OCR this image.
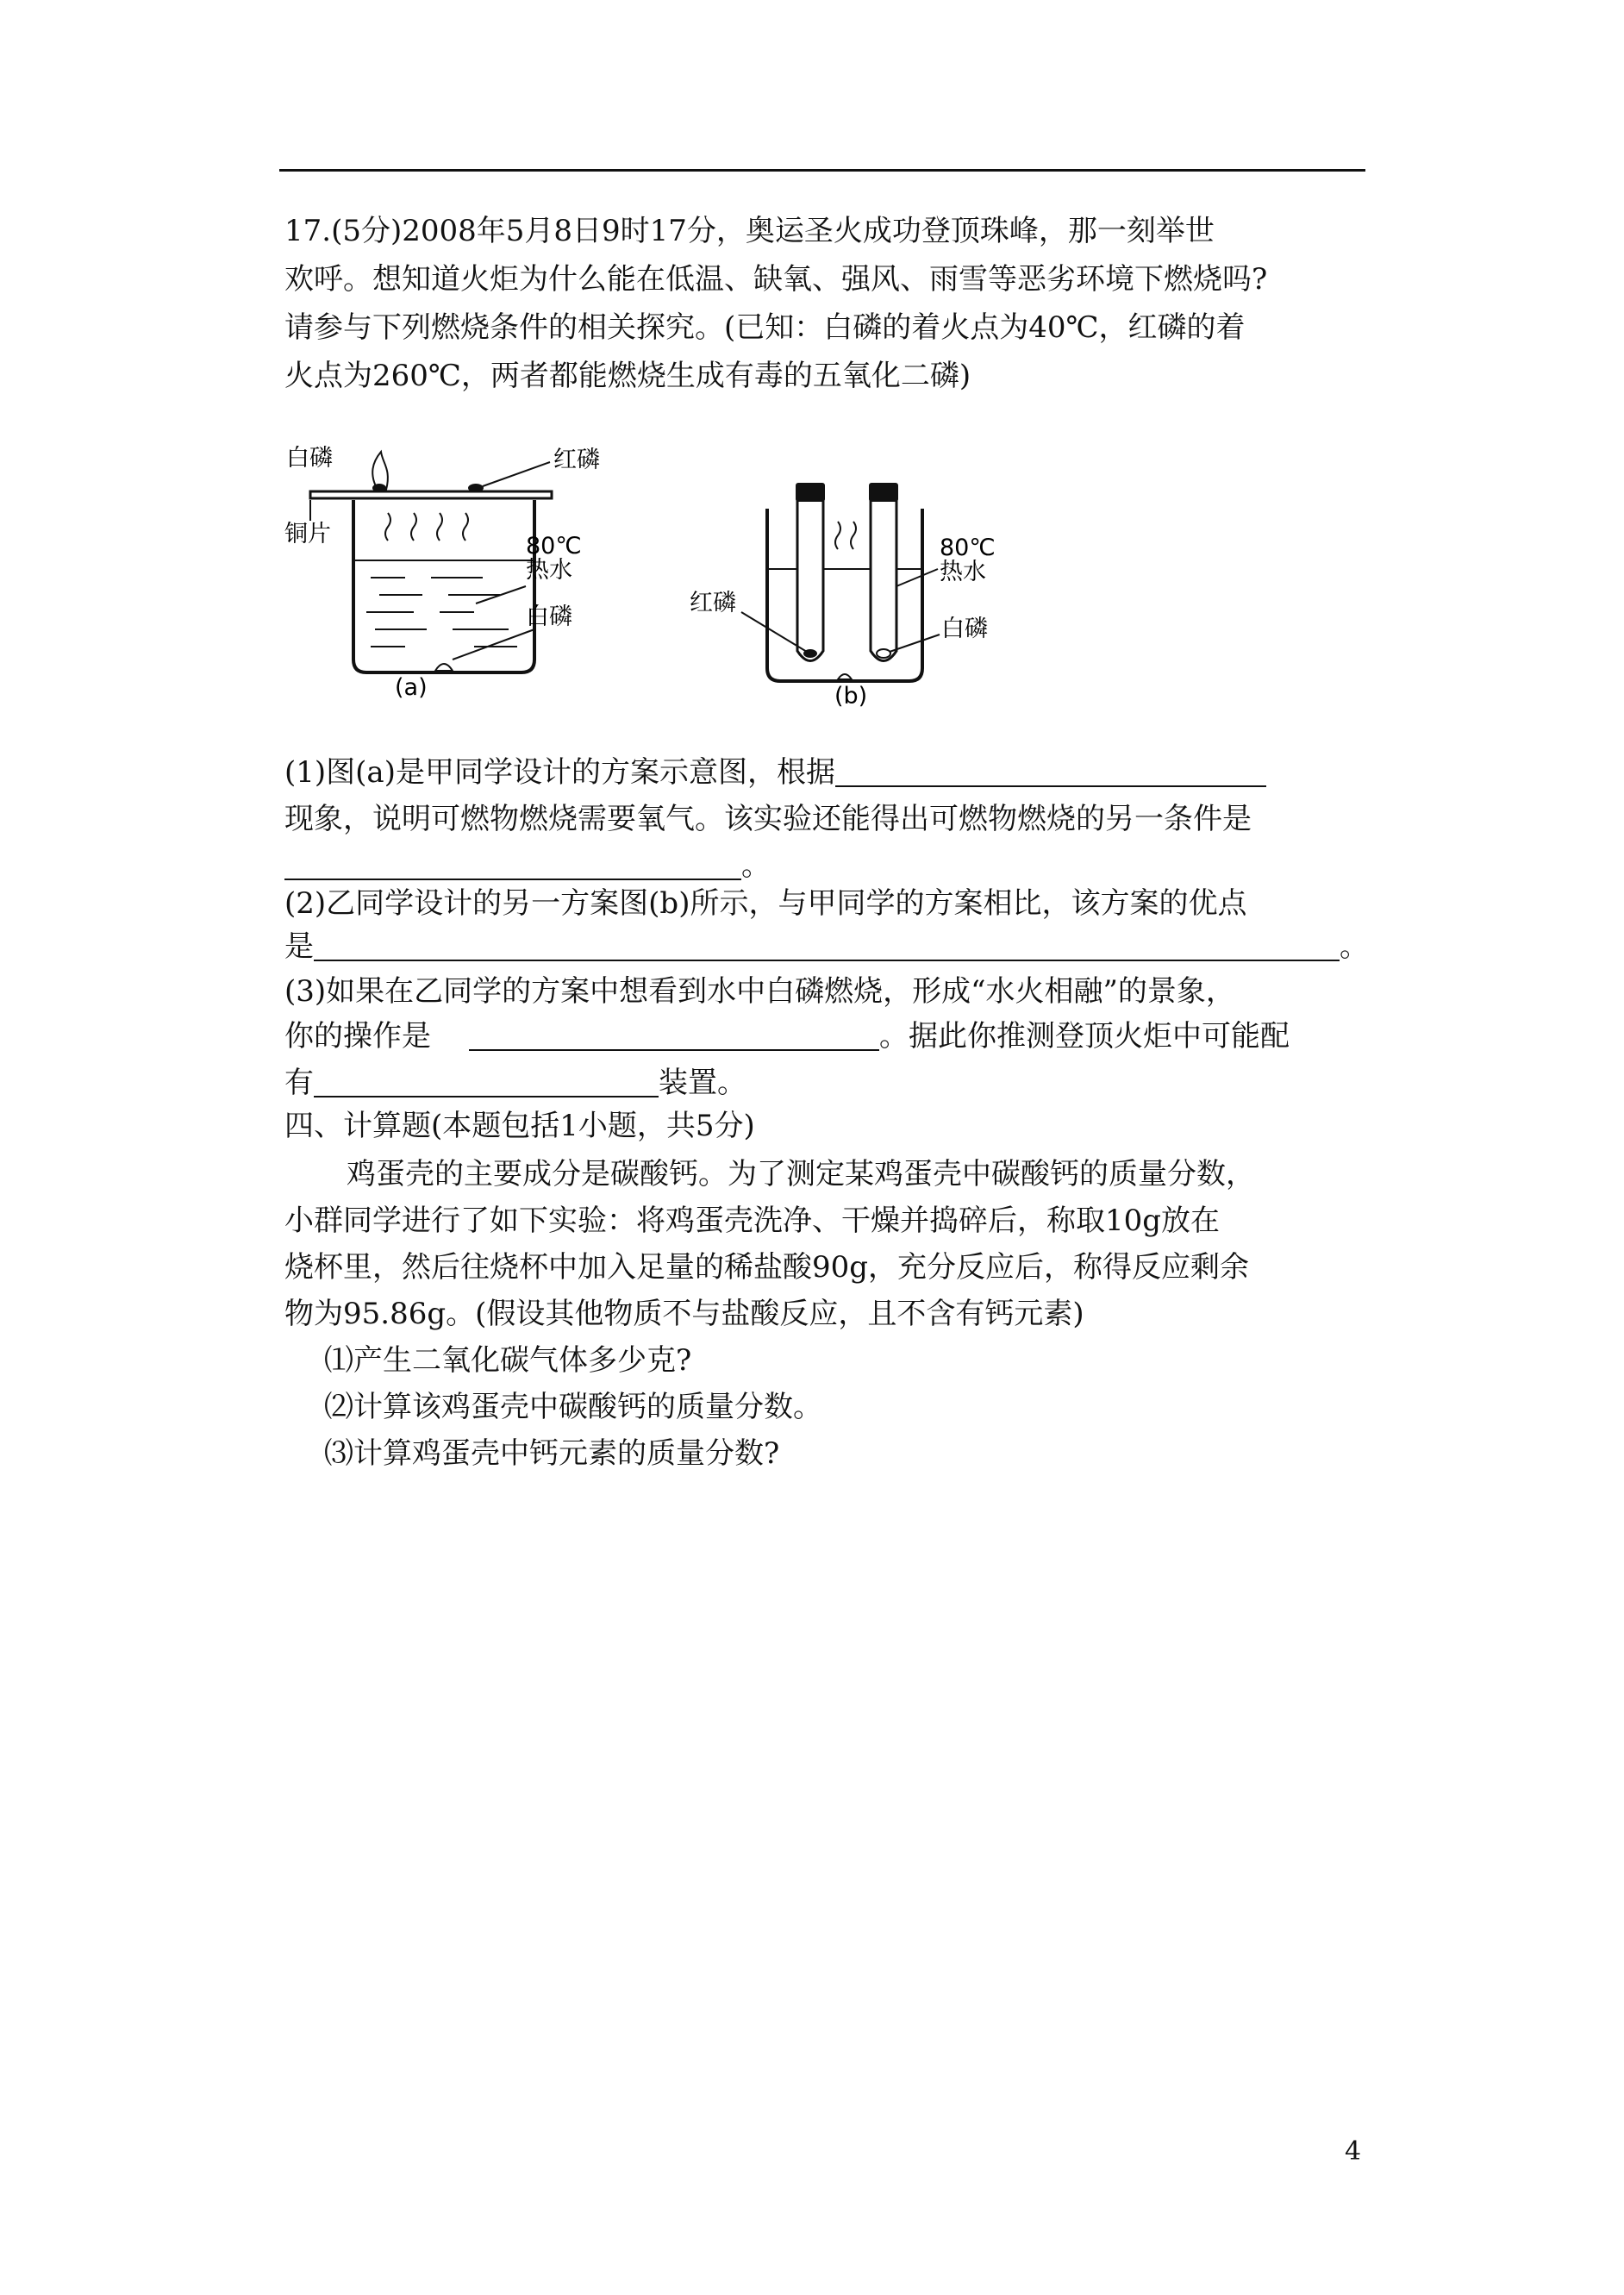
17.(5分)2008年5月8日9时17分，奥运圣火成功登顶珠峰，那一刻举世
欢呼。想知道火炬为什么能在低温、缺氧、强风、雨雪等恶劣环境下燃烧吗?
请参与下列燃烧条件的相关探究。(已知：白磷的着火点为40℃，红磷的着
火点为260℃，两者都能燃烧生成有毒的五氧化二磷)
白磷	红磷
铜片	80℃
热水
白磷
(a)
红磷
白磷
80℃
热水
(b)
(1)图(a)是甲同学设计的方案示意图，根据
现象，说明可燃物燃烧需要氧气。该实验还能得出可燃物燃烧的另一条件是
。
(2)乙同学设计的另一方案图(b)所示，与甲同学的方案相比，该方案的优点
是	。
(3)如果在乙同学的方案中想看到水中白磷燃烧，形成“水火相融”的景象，
你的操作是	。据此你推测登顶火炬中可能配
有	装置。
四、计算题(本题包括1小题，共5分)
鸡蛋壳的主要成分是碳酸钙。为了测定某鸡蛋壳中碳酸钙的质量分数，
小群同学进行了如下实验：将鸡蛋壳洗净、干燥并捣碎后，称取10g放在
烧杯里，然后往烧杯中加入足量的稀盐酸90g，充分反应后，称得反应剩余
物为95.86g。(假设其他物质不与盐酸反应，且不含有钙元素)
⑴产生二氧化碳气体多少克?
⑵计算该鸡蛋壳中碳酸钙的质量分数。
⑶计算鸡蛋壳中钙元素的质量分数?
4
